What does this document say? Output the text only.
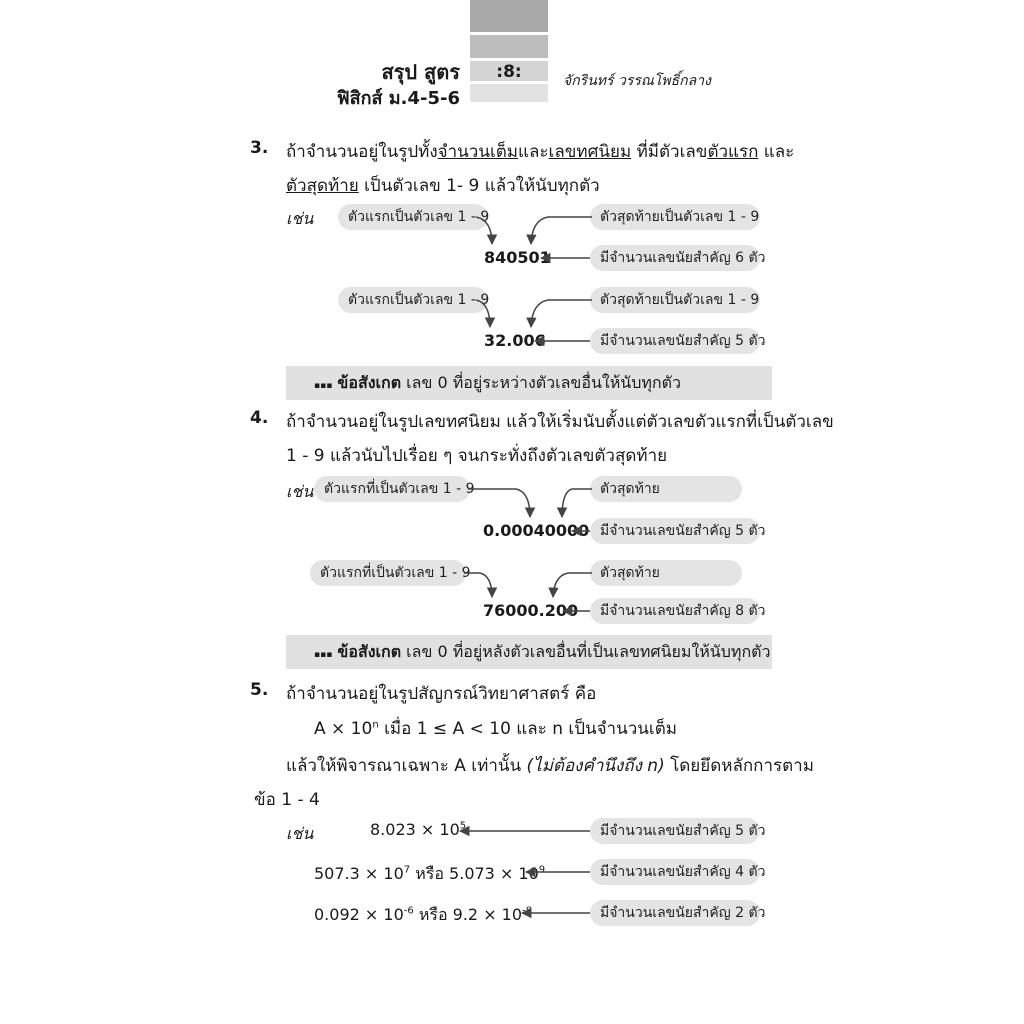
:8:
สรุป สูตร
ฟิสิกส์ ม.4-5-6
จักรินทร์ วรรณโพธิ์กลาง
3. ถ้าจำนวนอยู่ในรูปทั้งจำนวนเต็มและเลขทศนิยม ที่มีตัวเลขตัวแรก และ
ตัวสุดท้าย เป็นตัวเลข 1- 9 แล้วให้นับทุกตัว
เช่น	ตัวแรกเป็นตัวเลข 1 - 9	ตัวสุดท้ายเป็นตัวเลข 1 - 9
840501	มีจำนวนเลขนัยสำคัญ 6 ตัว
ตัวแรกเป็นตัวเลข 1 - 9	ตัวสุดท้ายเป็นตัวเลข 1 - 9
32.006	มีจำนวนเลขนัยสำคัญ 5 ตัว
▪▪▪ ข้อสังเกต เลข 0 ที่อยู่ระหว่างตัวเลขอื่นให้นับทุกตัว
4. ถ้าจำนวนอยู่ในรูปเลขทศนิยม แล้วให้เริ่มนับตั้งแต่ตัวเลขตัวแรกที่เป็นตัวเลข
1 - 9 แล้วนับไปเรื่อย ๆ จนกระทั่งถึงตัวเลขตัวสุดท้าย
เช่น ตัวแรกที่เป็นตัวเลข 1 - 9	ตัวสุดท้าย
0.00040000 มีจำนวนเลขนัยสำคัญ 5 ตัว
ตัวแรกที่เป็นตัวเลข 1 - 9	ตัวสุดท้าย
76000.200	มีจำนวนเลขนัยสำคัญ 8 ตัว
▪▪▪ ข้อสังเกต เลข 0 ที่อยู่หลังตัวเลขอื่นที่เป็นเลขทศนิยมให้นับทุกตัว
5. ถ้าจำนวนอยู่ในรูปสัญกรณ์วิทยาศาสตร์ คือ
$A \times 10^n$ เมื่อ 1 ≤ A < 10 และ n เป็นจำนวนเต็ม
แล้วให้พิจารณาเฉพาะ A เท่านั้น (ไม่ต้องคำนึงถึง n) โดยยึดหลักการตาม
ข้อ 1 - 4
เช่น	$8.023 \times 10^5$	มีจำนวนเลขนัยสำคัญ 5 ตัว
$507.3 \times 10^7$ หรือ $5.073 \times 10^9$	มีจำนวนเลขนัยสำคัญ 4 ตัว
$0.092 \times 10^{-6}$ หรือ $9.2 \times 10^{-8}$	มีจำนวนเลขนัยสำคัญ 2 ตัว
